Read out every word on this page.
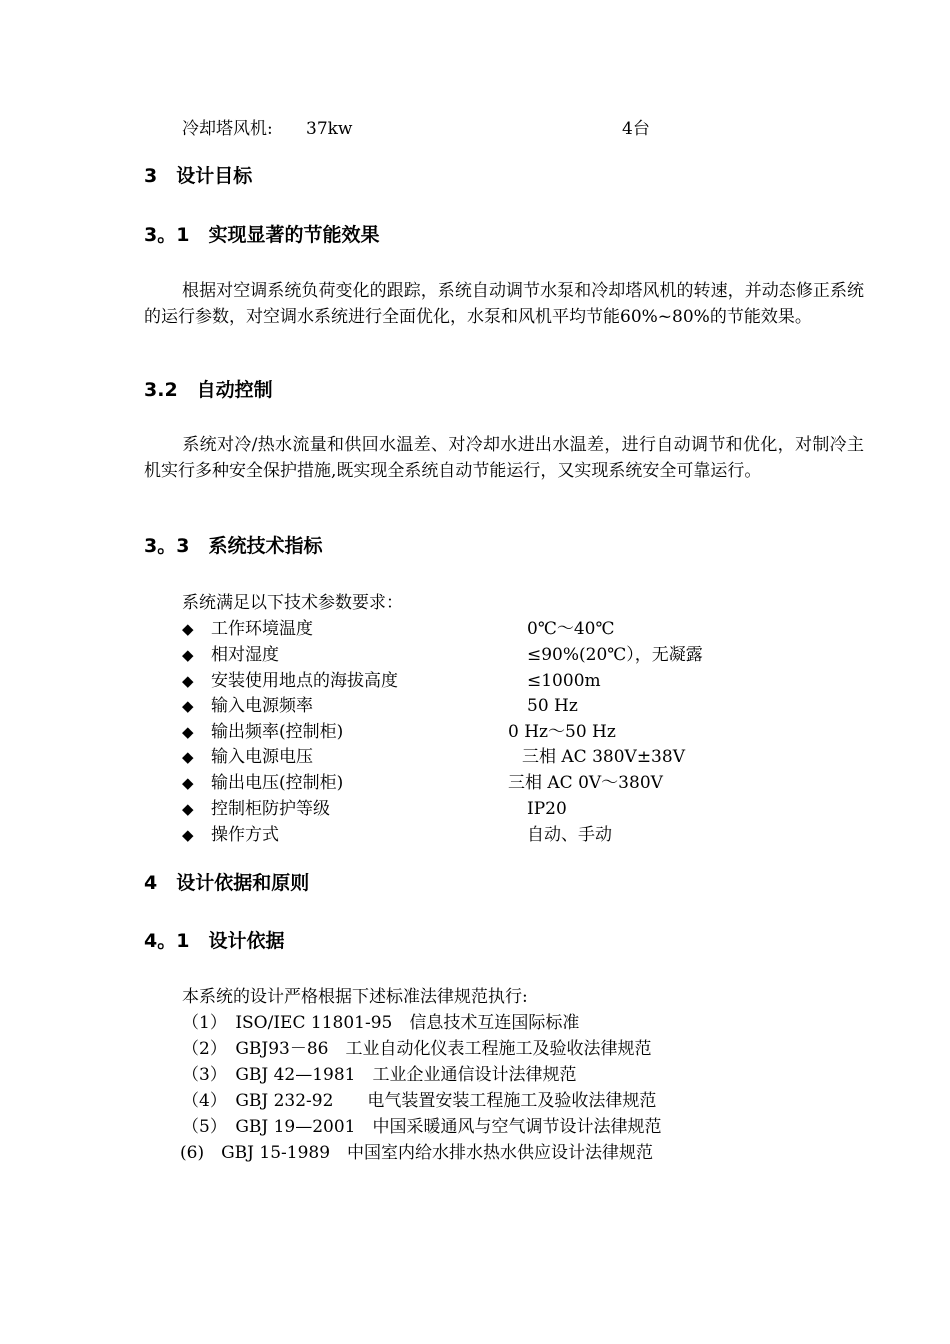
冷却塔风机: 37kw	4台
3　设计目标
3。1　实现显著的节能效果
根据对空调系统负荷变化的跟踪，系统自动调节水泵和冷却塔风机的转速，并动态修正系统的运行参数，对空调水系统进行全面优化，水泵和风机平均节能60%~80%的节能效果。
3.2　自动控制
系统对冷/热水流量和供回水温差、对冷却水进出水温差，进行自动调节和优化，对制冷主机实行多种安全保护措施,既实现全系统自动节能运行，又实现系统安全可靠运行。
3。3　系统技术指标
系统满足以下技术参数要求：
◆ 工作环境温度	0℃～40℃
◆ 相对湿度	≤90%(20℃），无凝露
◆ 安装使用地点的海拔高度	≤1000m
◆ 输入电源频率	50 Hz
◆ 输出频率(控制柜)	0 Hz～50 Hz
◆ 输入电源电压	三相 AC 380V±38V
◆ 输出电压(控制柜)	三相 AC 0V～380V
◆ 控制柜防护等级	IP20
◆ 操作方式	自动、手动
4　设计依据和原则
4。1　设计依据
本系统的设计严格根据下述标准法律规范执行:
（1）　ISO/IEC 11801-95　信息技术互连国际标准
（2）　GBJ93－86　工业自动化仪表工程施工及验收法律规范
（3）　GBJ 42—1981　工业企业通信设计法律规范
（4）　GBJ 232-92　　电气装置安装工程施工及验收法律规范
（5）　GBJ 19—2001　中国采暖通风与空气调节设计法律规范
(6)　GBJ 15-1989　中国室内给水排水热水供应设计法律规范
